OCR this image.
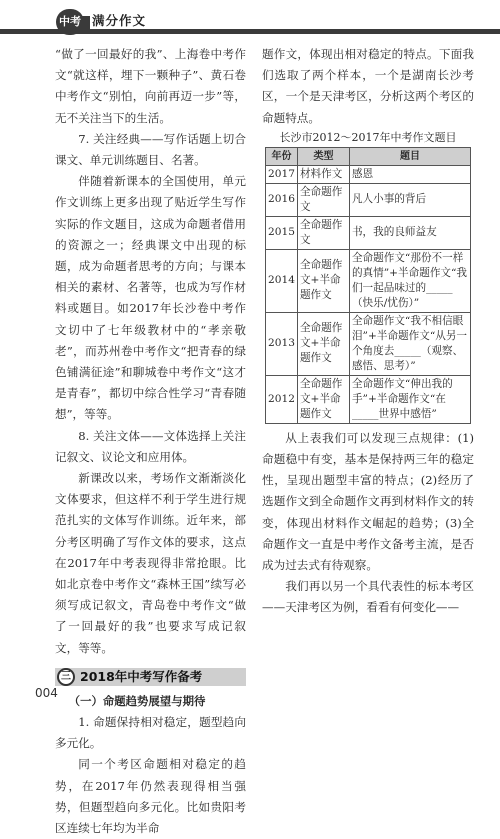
中考 满分作文

“做了一回最好的我”、上海卷中考作文“就这样，埋下一颗种子”、黄石卷中考作文“别怕，向前再迈一步”等，无不关注当下的生活。

7. 关注经典——写作话题上切合课文、单元训练题目、名著。

伴随着新课本的全国使用，单元作文训练上更多出现了贴近学生写作实际的作文题目，这成为命题者借用的资源之一；经典课文中出现的标题，成为命题者思考的方向；与课本相关的素材、名著等，也成为写作材料或题目。如2017年长沙卷中考作文切中了七年级教材中的“孝亲敬老”，而苏州卷中考作文“把青春的绿色铺满征途”和聊城卷中考作文“这才是青春”，都切中综合性学习“青春随想”，等等。

8. 关注文体——文体选择上关注记叙文、议论文和应用体。

新课改以来，考场作文渐渐淡化文体要求，但这样不利于学生进行规范扎实的文体写作训练。近年来，部分考区明确了写作文体的要求，这点在2017年中考表现得非常抢眼。比如北京卷中考作文“森林王国”续写必须写成记叙文，青岛卷中考作文“做了一回最好的我”也要求写成记叙文，等等。

三 2018年中考写作备考

（一）命题趋势展望与期待

1. 命题保持相对稳定，题型趋向多元化。

同一个考区命题相对稳定的趋势，在2017年仍然表现得相当强势，但题型趋向多元化。比如贵阳考区连续七年均为半命

题作文，体现出相对稳定的特点。下面我们选取了两个样本，一个是湖南长沙考区，一个是天津考区，分析这两个考区的命题特点。

长沙市2012～2017年中考作文题目

年份	类型	题目
2017	材料作文	感恩
2016	全命题作文	凡人小事的背后
2015	全命题作文	书，我的良师益友
2014	全命题作文+半命题作文	全命题作文“那份不一样的真情”+半命题作文“我们一起品味过的_____（快乐/忧伤）”
2013	全命题作文+半命题作文	全命题作文“我不相信眼泪”+半命题作文“从另一个角度去_____（观察、感悟、思考）”
2012	全命题作文+半命题作文	全命题作文“伸出我的手”+半命题作文“在_____世界中感悟”

从上表我们可以发现三点规律：(1)命题稳中有变，基本是保持两三年的稳定性，呈现出题型丰富的特点；(2)经历了选题作文到全命题作文再到材料作文的转变，体现出材料作文崛起的趋势；(3)全命题作文一直是中考作文备考主流，是否成为过去式有待观察。

我们再以另一个具代表性的标本考区——天津考区为例，看看有何变化——

004
